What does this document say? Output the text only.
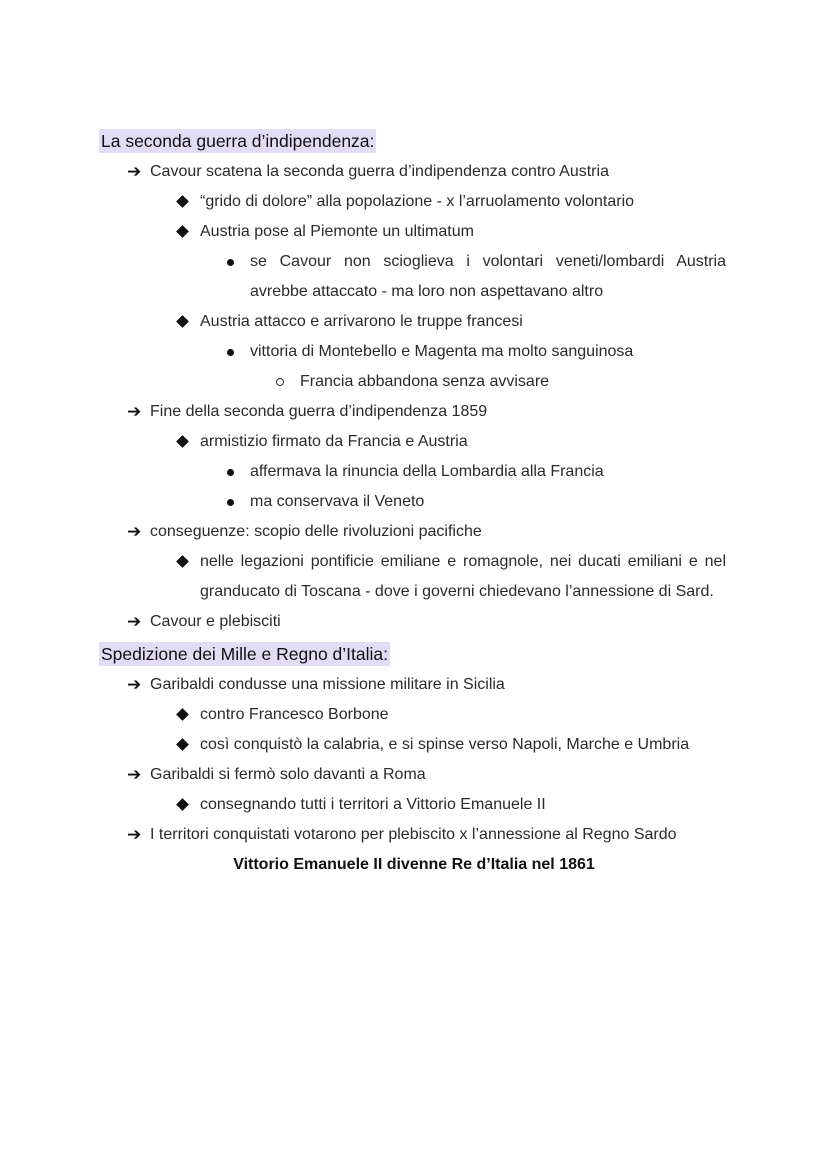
La seconda guerra d’indipendenza:
➔ Cavour scatena la seconda guerra d’indipendenza contro Austria
“grido di dolore” alla popolazione - x l’arruolamento volontario
Austria pose al Piemonte un ultimatum
se Cavour non scioglieva i volontari veneti/lombardi Austria
avrebbe attaccato - ma loro non aspettavano altro
Austria attacco e arrivarono le truppe francesi
vittoria di Montebello e Magenta ma molto sanguinosa
Francia abbandona senza avvisare
➔ Fine della seconda guerra d’indipendenza 1859
armistizio firmato da Francia e Austria
affermava la rinuncia della Lombardia alla Francia
ma conservava il Veneto
➔ conseguenze: scopio delle rivoluzioni pacifiche
nelle legazioni pontificie emiliane e romagnole, nei ducati emiliani e nel
granducato di Toscana - dove i governi chiedevano l’annessione di Sard.
➔ Cavour e plebisciti
Spedizione dei Mille e Regno d’Italia:
➔ Garibaldi condusse una missione militare in Sicilia
contro Francesco Borbone
così conquistò la calabria, e si spinse verso Napoli, Marche e Umbria
➔ Garibaldi si fermò solo davanti a Roma
consegnando tutti i territori a Vittorio Emanuele II
➔ I territori conquistati votarono per plebiscito x l’annessione al Regno Sardo
Vittorio Emanuele II divenne Re d’Italia nel 1861
